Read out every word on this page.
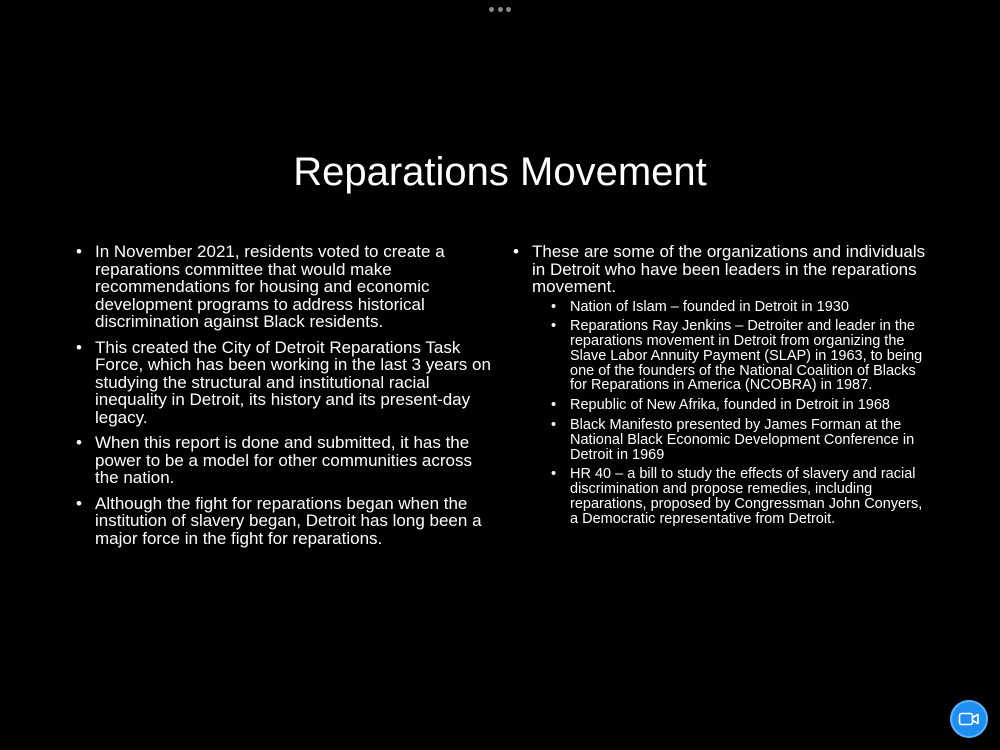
Reparations Movement
• In November 2021, residents voted to create a reparations committee that would make recommendations for housing and economic development programs to address historical discrimination against Black residents.
• This created the City of Detroit Reparations Task Force, which has been working in the last 3 years on studying the structural and institutional racial inequality in Detroit, its history and its present-day legacy.
• When this report is done and submitted, it has the power to be a model for other communities across the nation.
• Although the fight for reparations began when the institution of slavery began, Detroit has long been a major force in the fight for reparations.
• These are some of the organizations and individuals in Detroit who have been leaders in the reparations movement.
• Nation of Islam – founded in Detroit in 1930
• Reparations Ray Jenkins – Detroiter and leader in the reparations movement in Detroit from organizing the Slave Labor Annuity Payment (SLAP) in 1963, to being one of the founders of the National Coalition of Blacks for Reparations in America (NCOBRA) in 1987.
• Republic of New Afrika, founded in Detroit in 1968
• Black Manifesto presented by James Forman at the National Black Economic Development Conference in Detroit in 1969
• HR 40 – a bill to study the effects of slavery and racial discrimination and propose remedies, including reparations, proposed by Congressman John Conyers, a Democratic representative from Detroit.
